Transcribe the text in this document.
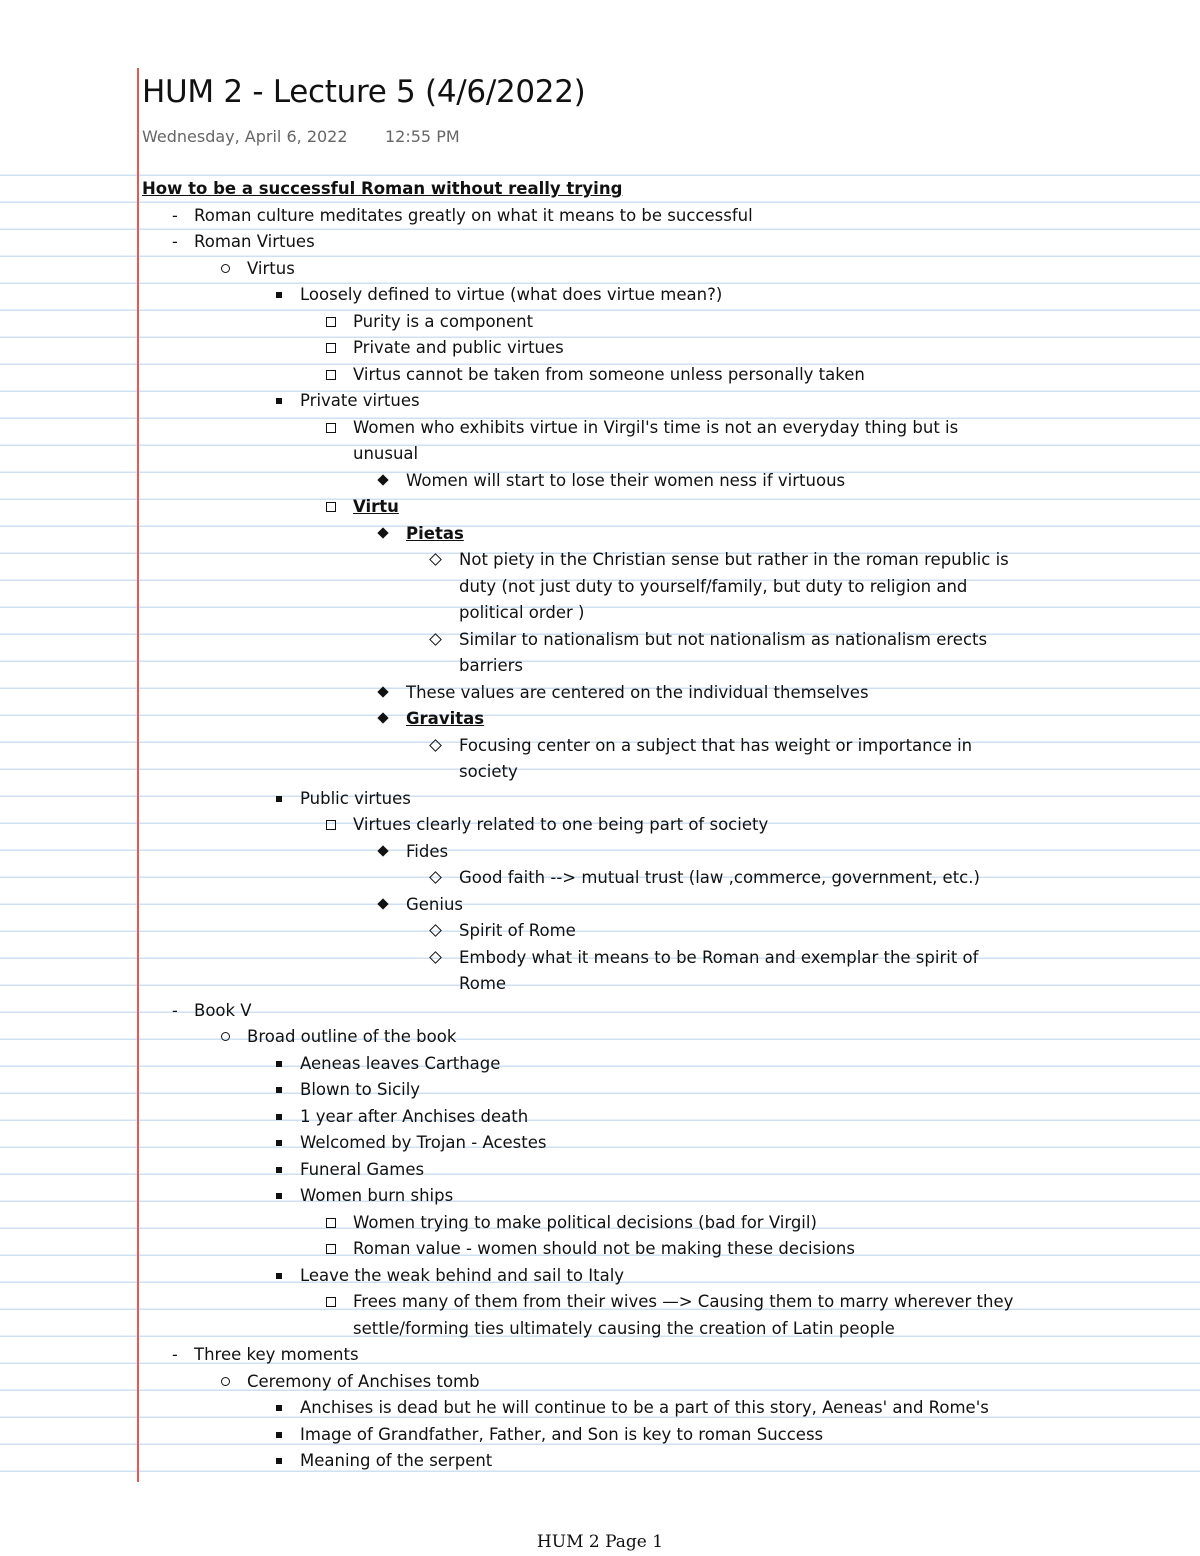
HUM 2 - Lecture 5 (4/6/2022)
Wednesday, April 6, 2022 12:55 PM
How to be a successful Roman without really trying
Roman culture meditates greatly on what it means to be successful
-
Roman Virtues
-
Virtus
Loosely defined to virtue (what does virtue mean?)
Purity is a component
Private and public virtues
Virtus cannot be taken from someone unless personally taken
Private virtues
Women who exhibits virtue in Virgil's time is not an everyday thing but is
unusual
Women will start to lose their women ness if virtuous
Virtu
Pietas
Not piety in the Christian sense but rather in the roman republic is
duty (not just duty to yourself/family, but duty to religion and
political order )
Similar to nationalism but not nationalism as nationalism erects
barriers
These values are centered on the individual themselves
Gravitas
Focusing center on a subject that has weight or importance in
society
Public virtues
Virtues clearly related to one being part of society
Fides
Good faith --> mutual trust (law ,commerce, government, etc.)
Genius
Spirit of Rome
Embody what it means to be Roman and exemplar the spirit of
Rome
Book V
-
Broad outline of the book
Aeneas leaves Carthage
Blown to Sicily
1 year after Anchises death
Welcomed by Trojan - Acestes
Funeral Games
Women burn ships
Women trying to make political decisions (bad for Virgil)
Roman value - women should not be making these decisions
Leave the weak behind and sail to Italy
Frees many of them from their wives —> Causing them to marry wherever they
settle/forming ties ultimately causing the creation of Latin people
Three key moments
-
Ceremony of Anchises tomb
Anchises is dead but he will continue to be a part of this story, Aeneas' and Rome's
Image of Grandfather, Father, and Son is key to roman Success
Meaning of the serpent
HUM 2 Page 1
